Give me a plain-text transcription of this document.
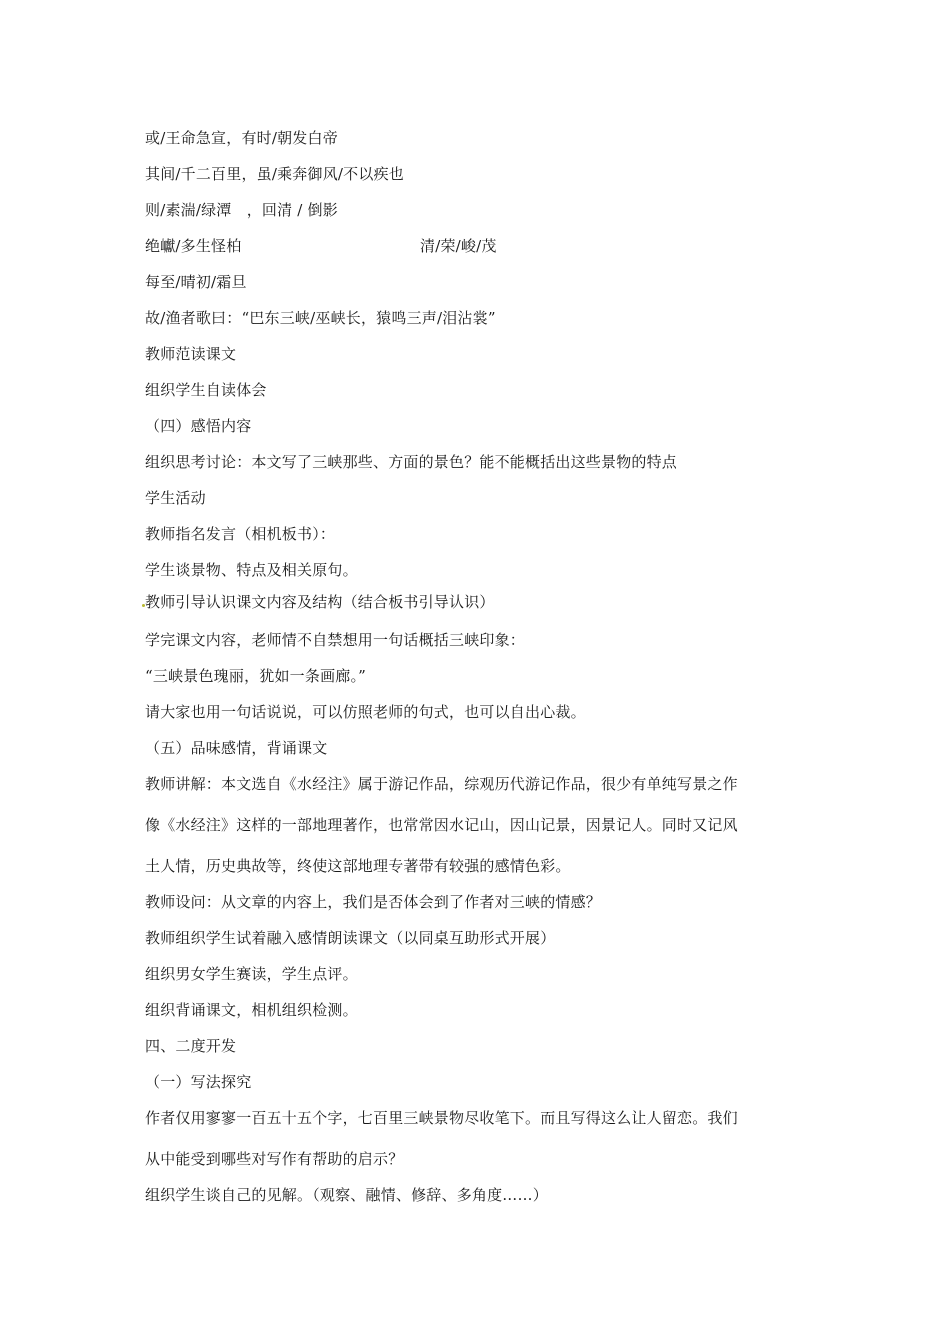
或/王命急宣，有时/朝发白帝
其间/千二百里，虽/乘奔御风/不以疾也
则/素湍/绿潭　，回清 / 倒影
绝巘/多生怪柏	清/荣/峻/茂
每至/晴初/霜旦
故/渔者歌曰：“巴东三峡/巫峡长，猿鸣三声/泪沾裳”
教师范读课文
组织学生自读体会
（四）感悟内容
组织思考讨论：本文写了三峡那些、方面的景色？能不能概括出这些景物的特点
学生活动
教师指名发言（相机板书）：
学生谈景物、特点及相关原句。
教师引导认识课文内容及结构（结合板书引导认识）
学完课文内容，老师情不自禁想用一句话概括三峡印象：
“三峡景色瑰丽，犹如一条画廊。”
请大家也用一句话说说，可以仿照老师的句式，也可以自出心裁。
（五）品味感情，背诵课文
教师讲解：本文选自《水经注》属于游记作品，综观历代游记作品，很少有单纯写景之作
像《水经注》这样的一部地理著作，也常常因水记山，因山记景，因景记人。同时又记风
土人情，历史典故等，终使这部地理专著带有较强的感情色彩。
教师设问：从文章的内容上，我们是否体会到了作者对三峡的情感？
教师组织学生试着融入感情朗读课文（以同桌互助形式开展）
组织男女学生赛读，学生点评。
组织背诵课文，相机组织检测。
四、二度开发
（一）写法探究
作者仅用寥寥一百五十五个字，七百里三峡景物尽收笔下。而且写得这么让人留恋。我们
从中能受到哪些对写作有帮助的启示？
组织学生谈自己的见解。（观察、融情、修辞、多角度……）
